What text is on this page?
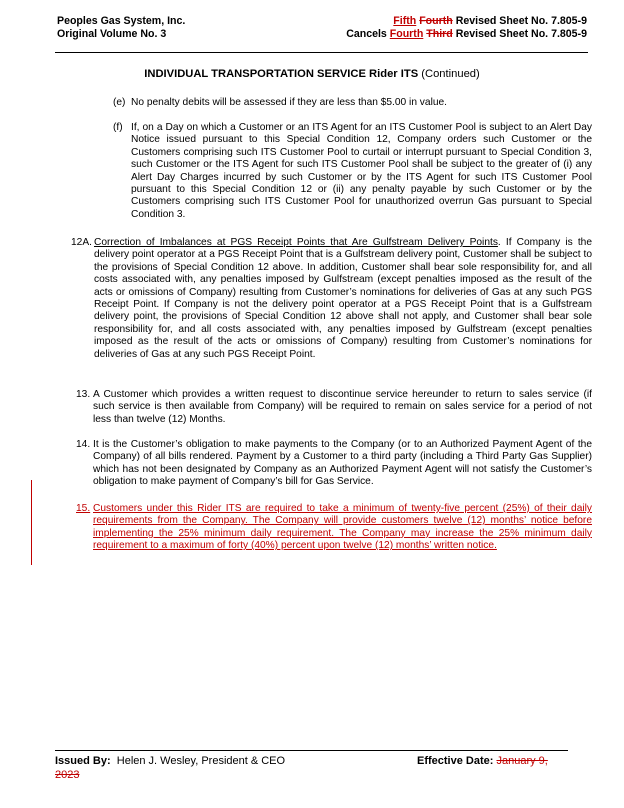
Peoples Gas System, Inc.
Original Volume No. 3
Fifth Fourth Revised Sheet No. 7.805-9
Cancels Fourth Third Revised Sheet No. 7.805-9
INDIVIDUAL TRANSPORTATION SERVICE Rider ITS (Continued)
(e) No penalty debits will be assessed if they are less than $5.00 in value.
(f) If, on a Day on which a Customer or an ITS Agent for an ITS Customer Pool is subject to an Alert Day Notice issued pursuant to this Special Condition 12, Company orders such Customer or the Customers comprising such ITS Customer Pool to curtail or interrupt pursuant to Special Condition 3, such Customer or the ITS Agent for such ITS Customer Pool shall be subject to the greater of (i) any Alert Day Charges incurred by such Customer or by the ITS Agent for such ITS Customer Pool pursuant to this Special Condition 12 or (ii) any penalty payable by such Customer or by the Customers comprising such ITS Customer Pool for unauthorized overrun Gas pursuant to Special Condition 3.
12A. Correction of Imbalances at PGS Receipt Points that Are Gulfstream Delivery Points. If Company is the delivery point operator at a PGS Receipt Point that is a Gulfstream delivery point, Customer shall be subject to the provisions of Special Condition 12 above. In addition, Customer shall bear sole responsibility for, and all costs associated with, any penalties imposed by Gulfstream (except penalties imposed as the result of the acts or omissions of Company) resulting from Customer’s nominations for deliveries of Gas at any such PGS Receipt Point. If Company is not the delivery point operator at a PGS Receipt Point that is a Gulfstream delivery point, the provisions of Special Condition 12 above shall not apply, and Customer shall bear sole responsibility for, and all costs associated with, any penalties imposed by Gulfstream (except penalties imposed as the result of the acts or omissions of Company) resulting from Customer’s nominations for deliveries of Gas at any such PGS Receipt Point.
13. A Customer which provides a written request to discontinue service hereunder to return to sales service (if such service is then available from Company) will be required to remain on sales service for a period of not less than twelve (12) Months.
14. It is the Customer’s obligation to make payments to the Company (or to an Authorized Payment Agent of the Company) of all bills rendered. Payment by a Customer to a third party (including a Third Party Gas Supplier) which has not been designated by Company as an Authorized Payment Agent will not satisfy the Customer’s obligation to make payment of Company’s bill for Gas Service.
15. Customers under this Rider ITS are required to take a minimum of twenty-five percent (25%) of their daily requirements from the Company. The Company will provide customers twelve (12) months’ notice before implementing the 25% minimum daily requirement. The Company may increase the 25% minimum daily requirement to a maximum of forty (40%) percent upon twelve (12) months’ written notice.
Issued By:  Helen J. Wesley, President & CEO	Effective Date: January 9,
2023
